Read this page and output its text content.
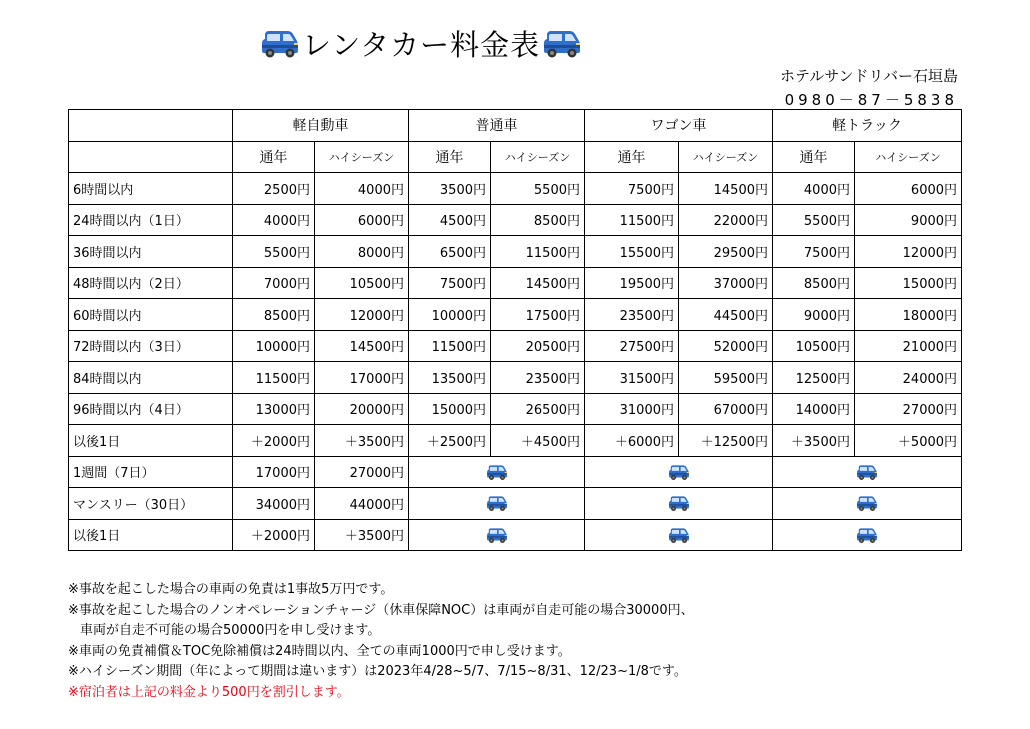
レンタカー料金表
ホテルサンドリバー石垣島
0980－87－5838
	軽自動車		普通車		ワゴン車		軽トラック	
	通年	ハイシーズン	通年	ハイシーズン	通年	ハイシーズン	通年	ハイシーズン
6時間以内	2500円	4000円	3500円	5500円	7500円	14500円	4000円	6000円
24時間以内（1日）	4000円	6000円	4500円	8500円	11500円	22000円	5500円	9000円
36時間以内	5500円	8000円	6500円	11500円	15500円	29500円	7500円	12000円
48時間以内（2日）	7000円	10500円	7500円	14500円	19500円	37000円	8500円	15000円
60時間以内	8500円	12000円	10000円	17500円	23500円	44500円	9000円	18000円
72時間以内（3日）	10000円	14500円	11500円	20500円	27500円	52000円	10500円	21000円
84時間以内	11500円	17000円	13500円	23500円	31500円	59500円	12500円	24000円
96時間以内（4日）	13000円	20000円	15000円	26500円	31000円	67000円	14000円	27000円
以後1日	＋2000円	＋3500円	＋2500円	＋4500円	＋6000円	＋12500円	＋3500円	＋5000円
1週間（7日）	17000円	27000円	

マンスリー（30日）	34000円	44000円	

以後1日	＋2000円	＋3500円	

※事故を起こした場合の車両の免責は1事故5万円です。
※事故を起こした場合のノンオペレーションチャージ（休車保障NOC）は車両が自走可能の場合30000円、
車両が自走不可能の場合50000円を申し受けます。
※車両の免責補償＆TOC免除補償は24時間以内、全ての車両1000円で申し受けます。
※ハイシーズン期間（年によって期間は違います）は2023年4/28~5/7、7/15~8/31、12/23~1/8です。
※宿泊者は上記の料金より500円を割引します。
